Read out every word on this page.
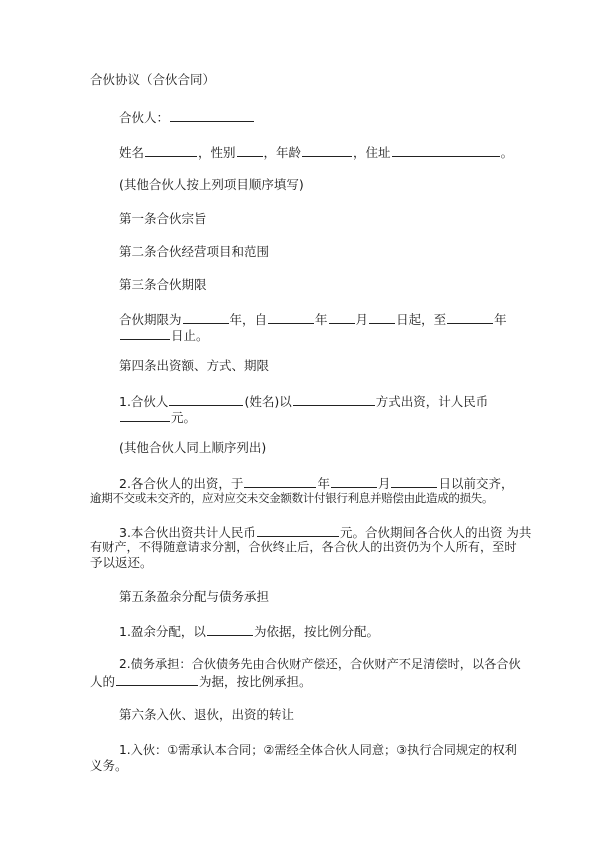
合伙协议（合伙合同）
合伙人：
姓名	，性别 ，年龄	，住址	。
(其他合伙人按上列项目顺序填写)
第一条合伙宗旨
第二条合伙经营项目和范围
第三条合伙期限
合伙期限为	年，自	年 月 日起，至	年
日止。
第四条出资额、方式、期限
1.合伙人	(姓名)以	方式出资，计人民币
元。
(其他合伙人同上顺序列出)
2.各合伙人的出资，于	年	月	日以前交齐，
逾期不交或未交齐的，应对应交未交金额数计付银行利息并赔偿由此造成的损失。
3.本合伙出资共计人民币	元。合伙期间各合伙人的出资 为共
有财产，不得随意请求分割，合伙终止后，各合伙人的出资仍为个人所有，至时
予以返还。
第五条盈余分配与债务承担
1.盈余分配，以	为依据，按比例分配。
2.债务承担：合伙债务先由合伙财产偿还，合伙财产不足清偿时，以各合伙
人的	为据，按比例承担。
第六条入伙、退伙，出资的转让
1.入伙：①需承认本合同；②需经全体合伙人同意；③执行合同规定的权利
义务。
